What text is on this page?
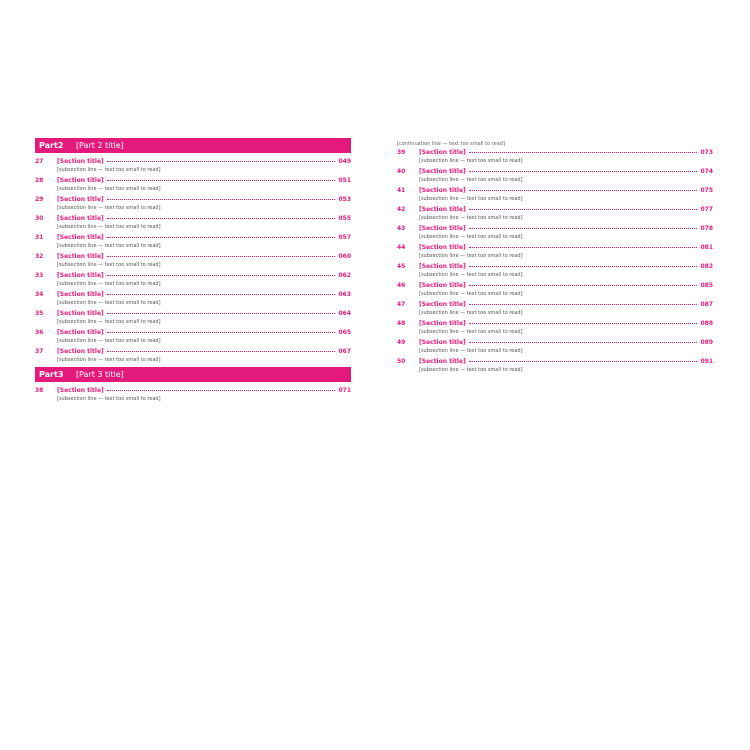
Part2 [Part 2 title]
27 [Section title]	049
[subsection line — text too small to read]
28 [Section title]	051
[subsection line — text too small to read]
29 [Section title]	053
[subsection line — text too small to read]
30 [Section title]	055
[subsection line — text too small to read]
31 [Section title]	057
[subsection line — text too small to read]
32 [Section title]	060
[subsection line — text too small to read]
33 [Section title]	062
[subsection line — text too small to read]
34 [Section title]	063
[subsection line — text too small to read]
35 [Section title]	064
[subsection line — text too small to read]
36 [Section title]	065
[subsection line — text too small to read]
37 [Section title]	067
[subsection line — text too small to read]
Part3 [Part 3 title]
38 [Section title]	071
[subsection line — text too small to read]
[continuation line — text too small to read]
39 [Section title]	073
[subsection line — text too small to read]
40 [Section title]	074
[subsection line — text too small to read]
41 [Section title]	075
[subsection line — text too small to read]
42 [Section title]	077
[subsection line — text too small to read]
43 [Section title]	078
[subsection line — text too small to read]
44 [Section title]	081
[subsection line — text too small to read]
45 [Section title]	082
[subsection line — text too small to read]
46 [Section title]	085
[subsection line — text too small to read]
47 [Section title]	087
[subsection line — text too small to read]
48 [Section title]	088
[subsection line — text too small to read]
49 [Section title]	089
[subsection line — text too small to read]
50 [Section title]	091
[subsection line — text too small to read]
